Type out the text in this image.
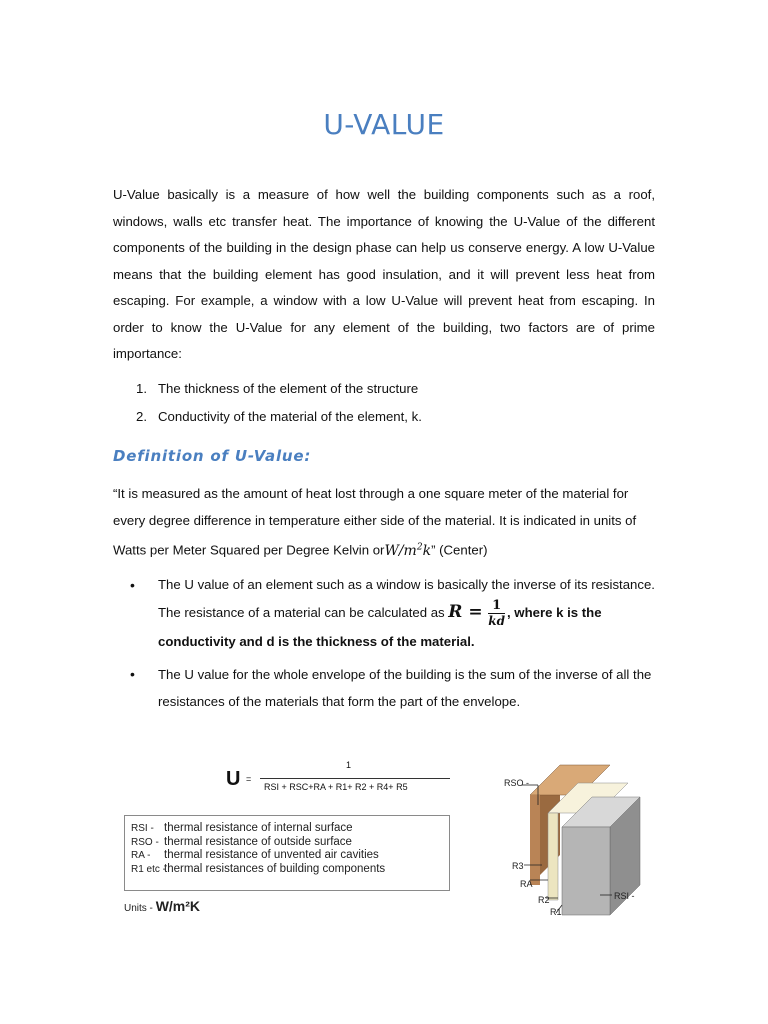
U-VALUE

U-Value basically is a measure of how well the building components such as a roof, windows, walls etc transfer heat. The importance of knowing the U-Value of the different components of the building in the design phase can help us conserve energy. A low U-Value means that the building element has good insulation, and it will prevent less heat from escaping. For example, a window with a low U-Value will prevent heat from escaping. In order to know the U-Value for any element of the building, two factors are of prime importance:

1. The thickness of the element of the structure
2. Conductivity of the material of the element, k.
Definition of U-Value:

“It is measured as the amount of heat lost through a one square meter of the material for every degree difference in temperature either side of the material. It is indicated in units of Watts per Meter Squared per Degree Kelvin orW/$m^2k$” (Center)

• The U value of an element such as a window is basically the inverse of its resistance. The resistance of a material can be calculated as $R = \frac{1}{kd}$ , where k is the conductivity and d is the thickness of the material.
• The U value for the whole envelope of the building is the sum of the inverse of all the resistances of the materials that form the part of the envelope.
U =
1
RSI + RSC+RA + R1+ R2 + R4+ R5
RSI - thermal resistance of internal surface
RSO - thermal resistance of outside surface
RA - thermal resistance of unvented air cavities
R1 etc -thermal resistances of building components
Units - W/m²K
RSO -
R3
RA
R2
R1
RSI -
